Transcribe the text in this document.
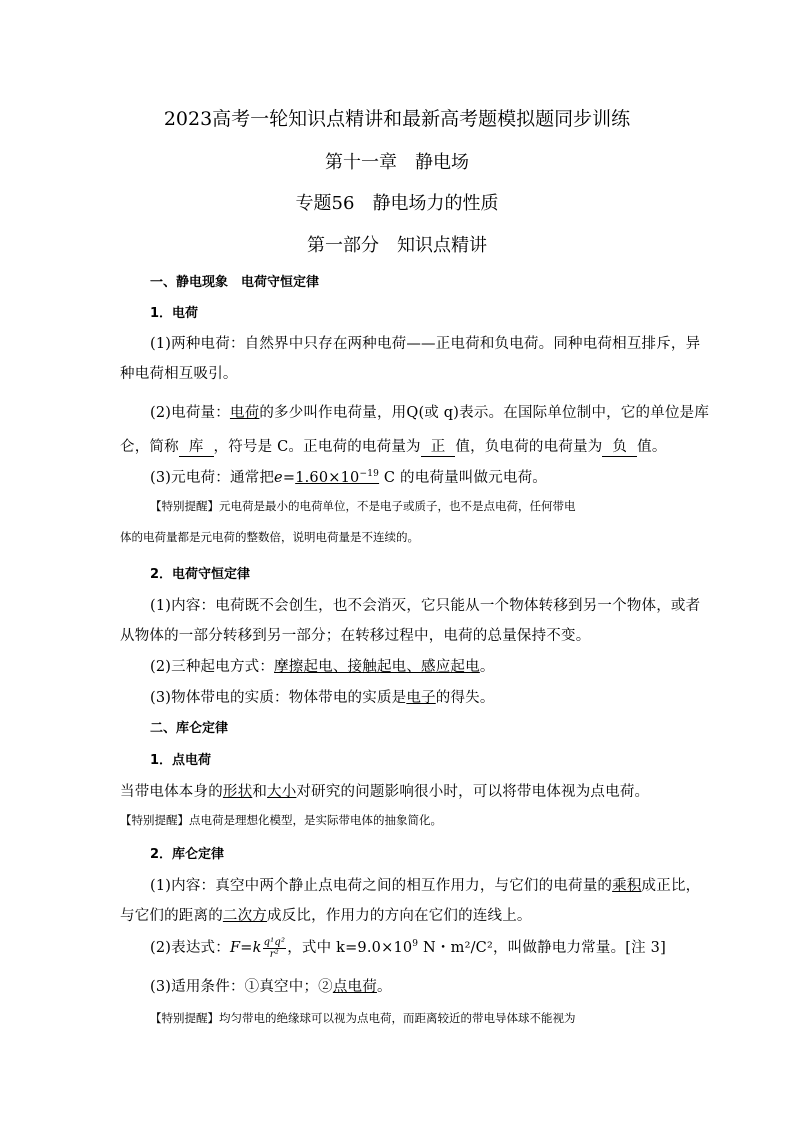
2023高考一轮知识点精讲和最新高考题模拟题同步训练
第十一章　静电场
专题56　静电场力的性质
第一部分　知识点精讲
一、静电现象　电荷守恒定律
1．电荷
(1)两种电荷：自然界中只存在两种电荷——正电荷和负电荷。同种电荷相互排斥，异
种电荷相互吸引。
(2)电荷量：电荷的多少叫作电荷量，用Q(或 q)表示。在国际单位制中，它的单位是库
仑，简称 库 ，符号是 C。正电荷的电荷量为 正 值，负电荷的电荷量为 负 值。
(3)元电荷：通常把$e=1.60\times 10^{-19}$ C 的电荷量叫做元电荷。
【特别提醒】元电荷是最小的电荷单位，不是电子或质子，也不是点电荷，任何带电
体的电荷量都是元电荷的整数倍，说明电荷量是不连续的。
2．电荷守恒定律
(1)内容：电荷既不会创生，也不会消灭，它只能从一个物体转移到另一个物体，或者
从物体的一部分转移到另一部分；在转移过程中，电荷的总量保持不变。
(2)三种起电方式：摩擦起电、接触起电、感应起电。
(3)物体带电的实质：物体带电的实质是电子的得失。
二、库仑定律
1．点电荷
当带电体本身的形状和大小对研究的问题影响很小时，可以将带电体视为点电荷。
【特别提醒】点电荷是理想化模型，是实际带电体的抽象简化。
2．库仑定律
(1)内容：真空中两个静止点电荷之间的相互作用力，与它们的电荷量的乘积成正比，
与它们的距离的二次方成反比，作用力的方向在它们的连线上。
(2)表达式：$F=k \frac{\text{q¹q²}}{\text{r²}}$ ，式中 $k=9.0\times 10^9$ N・m²/C²，叫做静电力常量。[注 3]
(3)适用条件：①真空中；②点电荷。
【特别提醒】均匀带电的绝缘球可以视为点电荷，而距离较近的带电导体球不能视为
